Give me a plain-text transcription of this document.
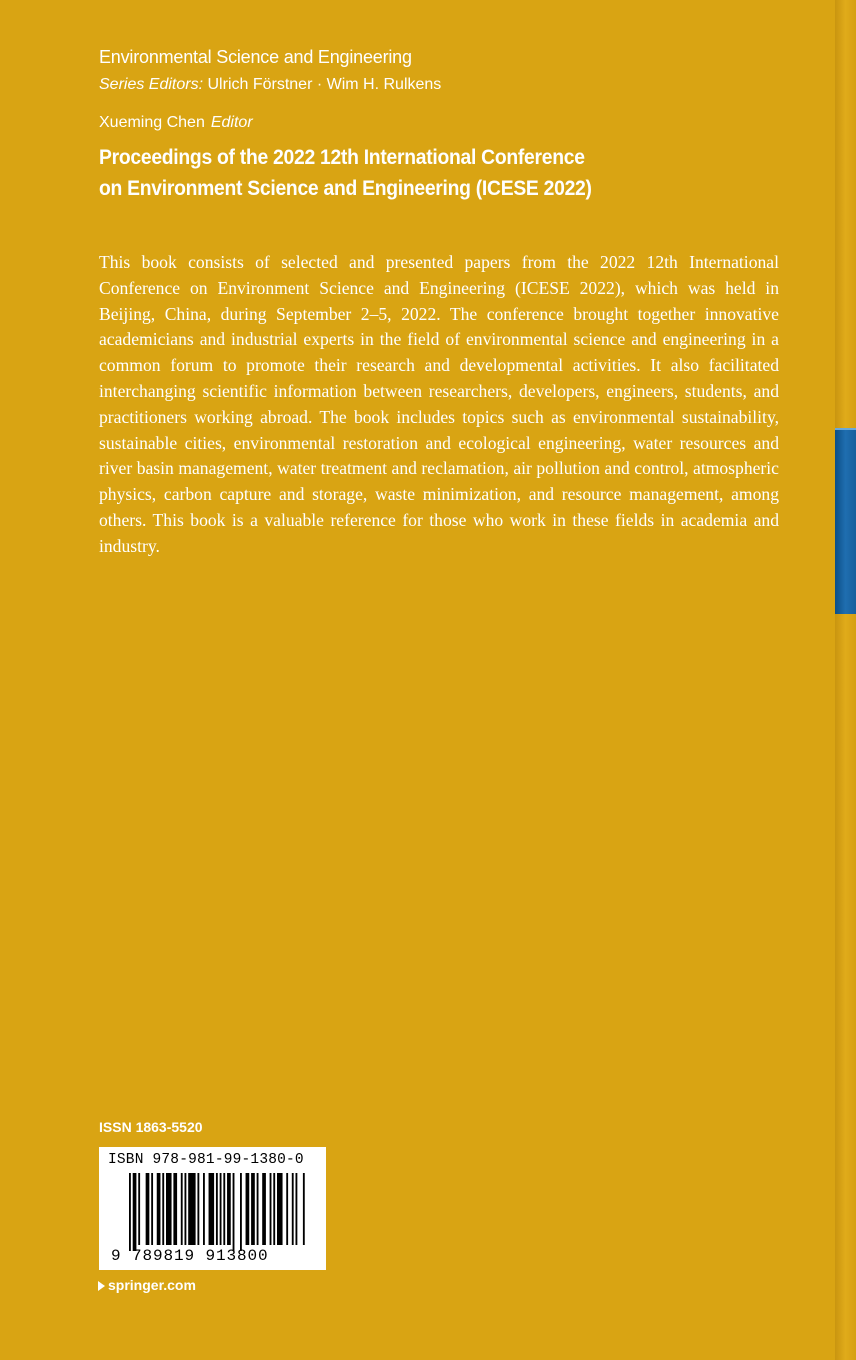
Environmental Science and Engineering
Series Editors: Ulrich Förstner · Wim H. Rulkens
Xueming Chen Editor
Proceedings of the 2022 12th International Conference
on Environment Science and Engineering (ICESE 2022)
This book consists of selected and presented papers from the 2022 12th International Conference on Environment Science and Engineering (ICESE 2022), which was held in Beijing, China, during September 2–5, 2022. The conference brought together innovative academicians and industrial experts in the field of environmental science and engineering in a common forum to promote their research and developmental activities. It also facilitated interchanging scientific information between researchers, developers, engineers, students, and practitioners working abroad. The book includes topics such as environmental sustainability, sustainable cities, environmental restoration and ecological engineering, water resources and river basin management, water treatment and reclamation, air pollution and control, atmospheric physics, carbon capture and storage, waste minimization, and resource management, among others. This book is a valuable reference for those who work in these fields in academia and industry.
ISSN 1863-5520
ISBN 978-981-99-1380-0
9 789819 913800
springer.com
